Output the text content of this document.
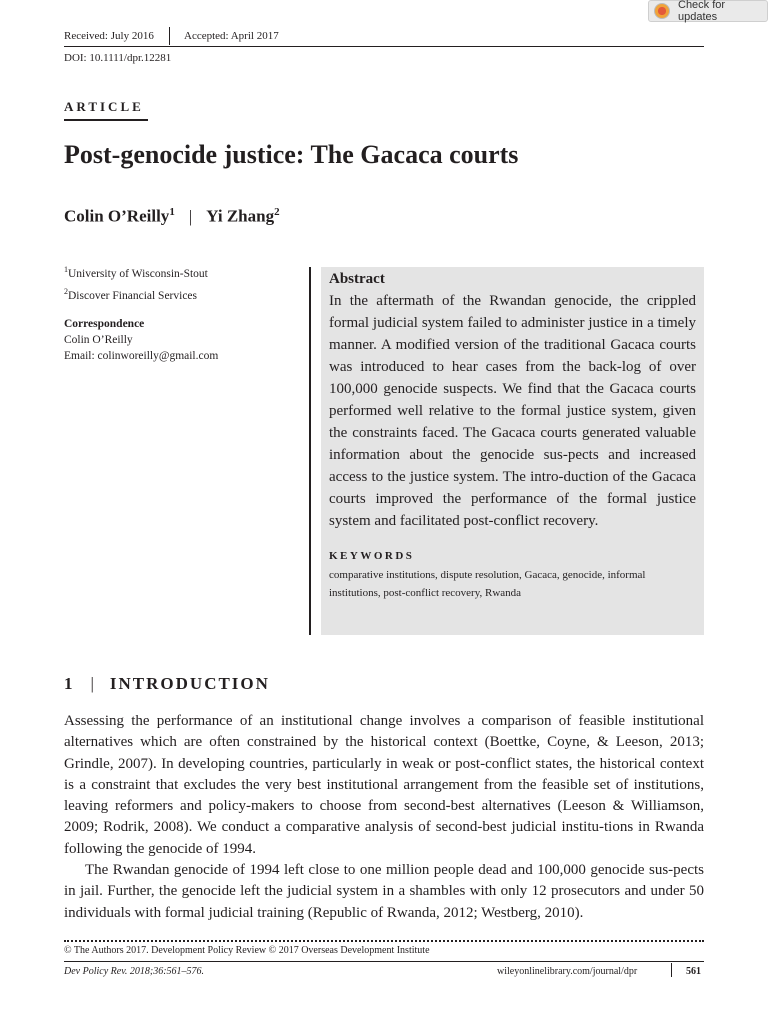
Check for updates
Received: July 2016	Accepted: April 2017
DOI: 10.1111/dpr.12281
ARTICLE
Post-genocide justice: The Gacaca courts
Colin O’Reilly$^1$ | Yi Zhang$^2$
$^1$University of Wisconsin-Stout
$^2$Discover Financial Services
Correspondence
Colin O’Reilly
Email: colinworeilly@gmail.com
Abstract

In the aftermath of the Rwandan genocide, the crippled formal judicial system failed to administer justice in a timely manner. A modified version of the traditional Gacaca courts was introduced to hear cases from the back-log of over 100,000 genocide suspects. We find that the Gacaca courts performed well relative to the formal justice system, given the constraints faced. The Gacaca courts generated valuable information about the genocide sus-pects and increased access to the justice system. The intro-duction of the Gacaca courts improved the performance of the formal justice system and facilitated post-conflict recovery.

KEYWORDS
comparative institutions, dispute resolution, Gacaca, genocide, informal institutions, post-conflict recovery, Rwanda
1 | INTRODUCTION

Assessing the performance of an institutional change involves a comparison of feasible institutional alternatives which are often constrained by the historical context (Boettke, Coyne, & Leeson, 2013; Grindle, 2007). In developing countries, particularly in weak or post-conflict states, the historical context is a constraint that excludes the very best institutional arrangement from the feasible set of institutions, leaving reformers and policy-makers to choose from second-best alternatives (Leeson & Williamson, 2009; Rodrik, 2008). We conduct a comparative analysis of second-best judicial institu-tions in Rwanda following the genocide of 1994.

The Rwandan genocide of 1994 left close to one million people dead and 100,000 genocide sus-pects in jail. Further, the genocide left the judicial system in a shambles with only 12 prosecutors and under 50 individuals with formal judicial training (Republic of Rwanda, 2012; Westberg, 2010).

© The Authors 2017. Development Policy Review © 2017 Overseas Development Institute
Dev Policy Rev. 2018;36:561–576.	wileyonlinelibrary.com/journal/dpr	561
